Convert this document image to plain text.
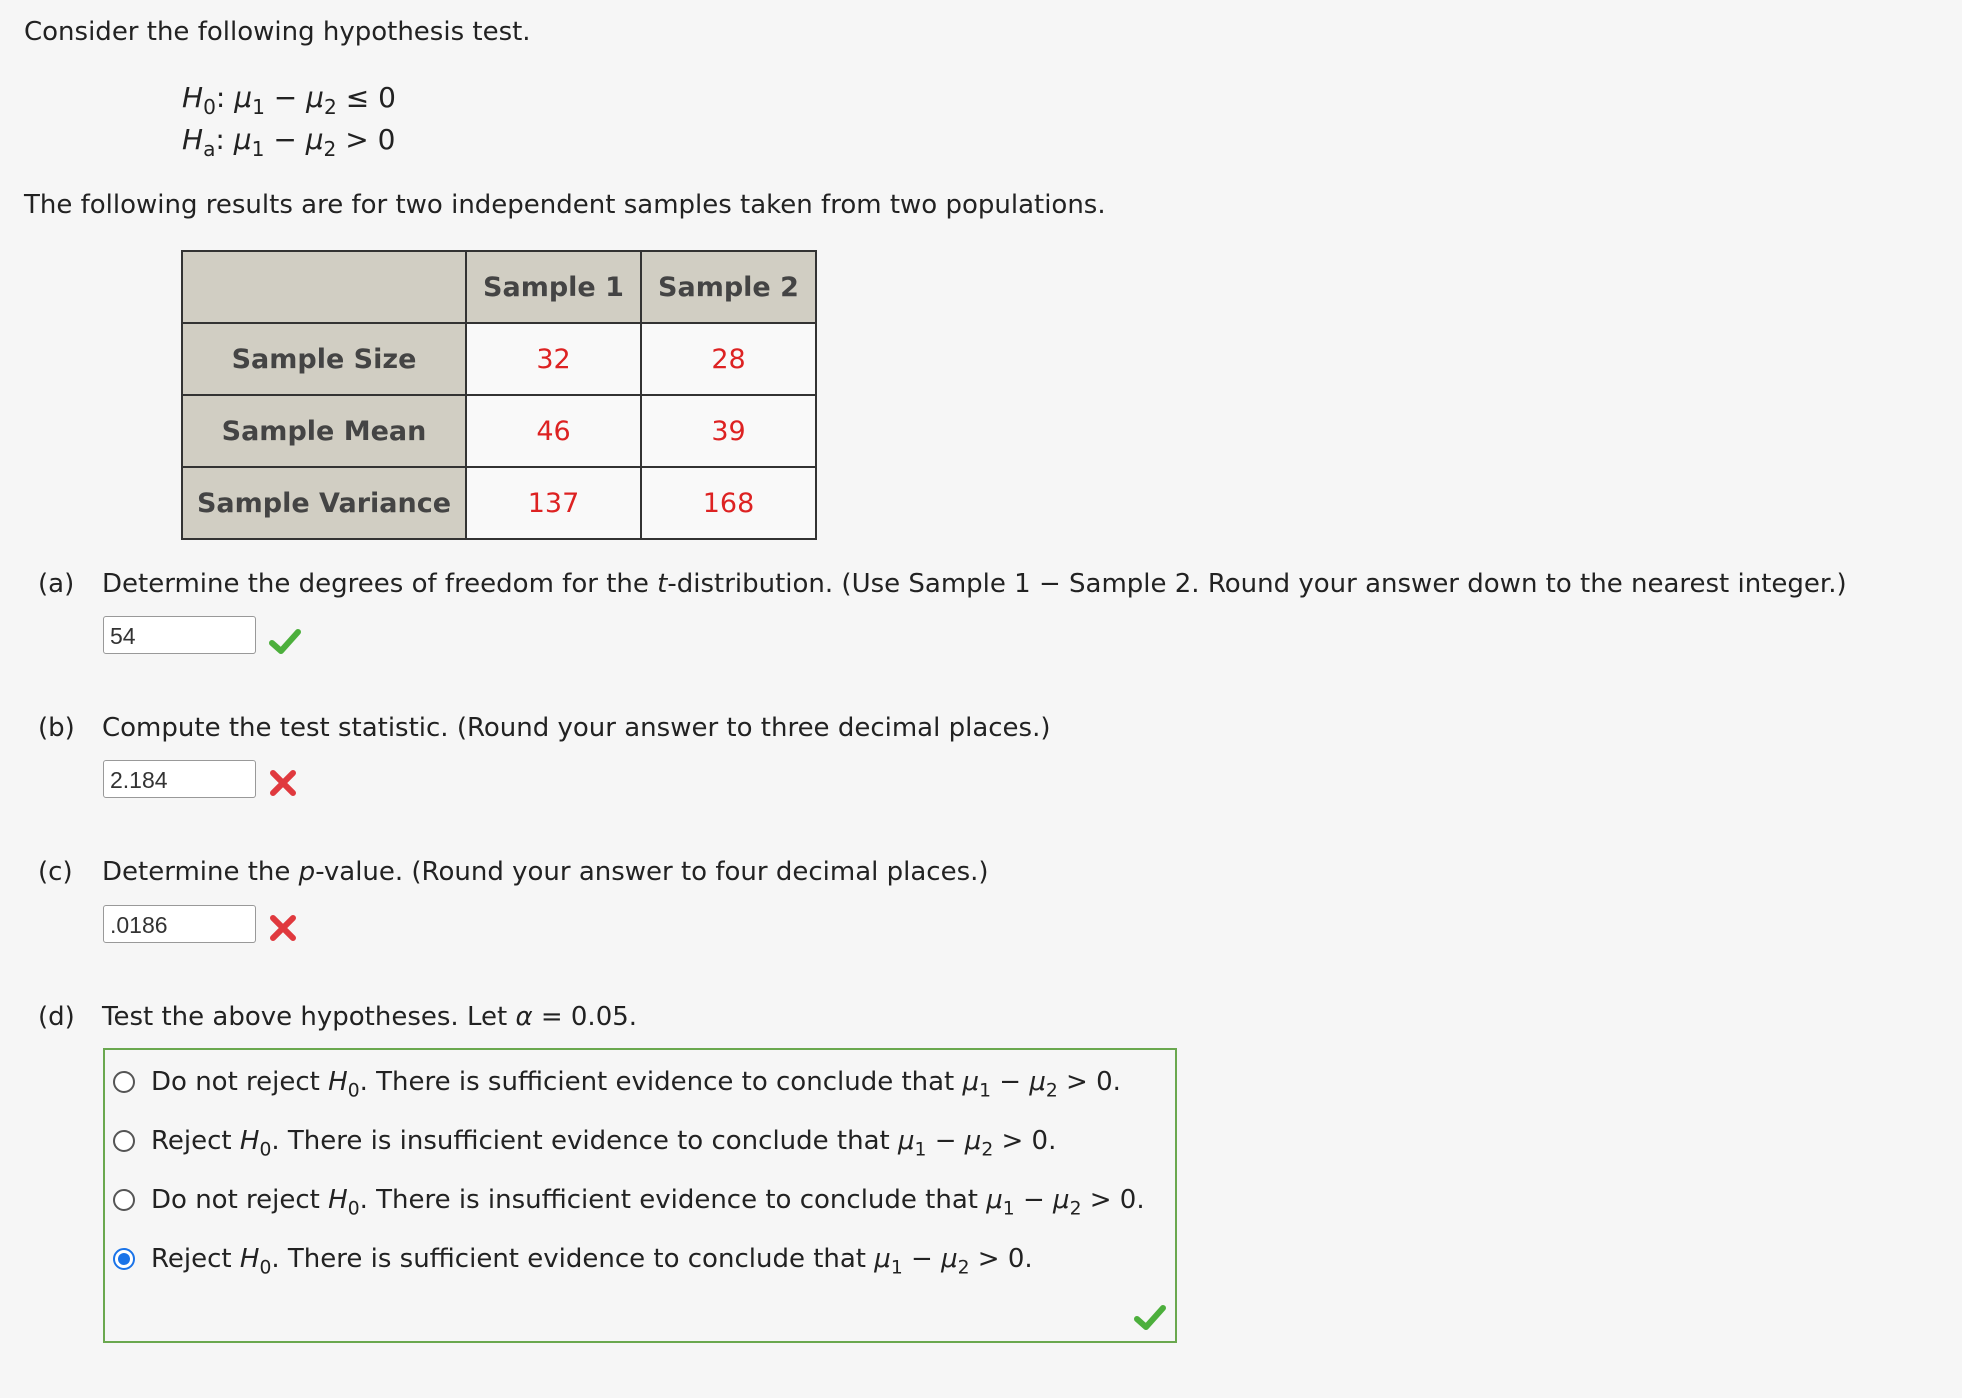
Consider the following hypothesis test.
$H_0$: $\mu_1 - \mu_2 \le 0$
$H_a$: $\mu_1 - \mu_2 > 0$
The following results are for two independent samples taken from two populations.
	Sample 1	Sample 2
Sample Size	32	28
Sample Mean	46	39
Sample Variance	137	168
(a) Determine the degrees of freedom for the t-distribution. (Use Sample 1 − Sample 2. Round your answer down to the nearest integer.)
54
(b) Compute the test statistic. (Round your answer to three decimal places.)
2.184
(c) Determine the p-value. (Round your answer to four decimal places.)
.0186
(d) Test the above hypotheses. Let α = 0.05.
Do not reject $H_0$. There is sufficient evidence to conclude that $\mu_1 - \mu_2 > 0$.
Reject $H_0$. There is insufficient evidence to conclude that $\mu_1 - \mu_2 > 0$.
Do not reject $H_0$. There is insufficient evidence to conclude that $\mu_1 - \mu_2 > 0$.
Reject $H_0$. There is sufficient evidence to conclude that $\mu_1 - \mu_2 > 0$.
